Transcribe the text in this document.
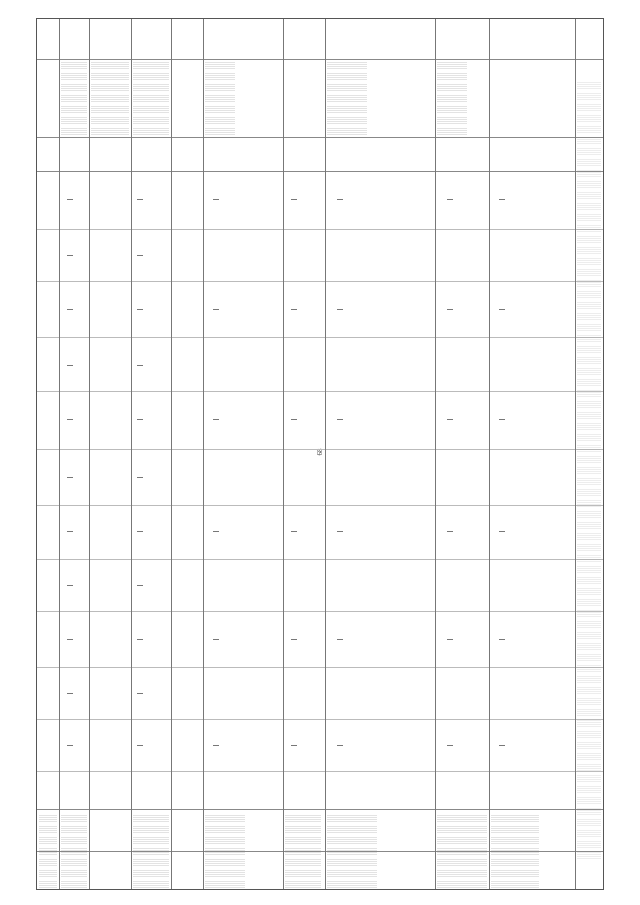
68
